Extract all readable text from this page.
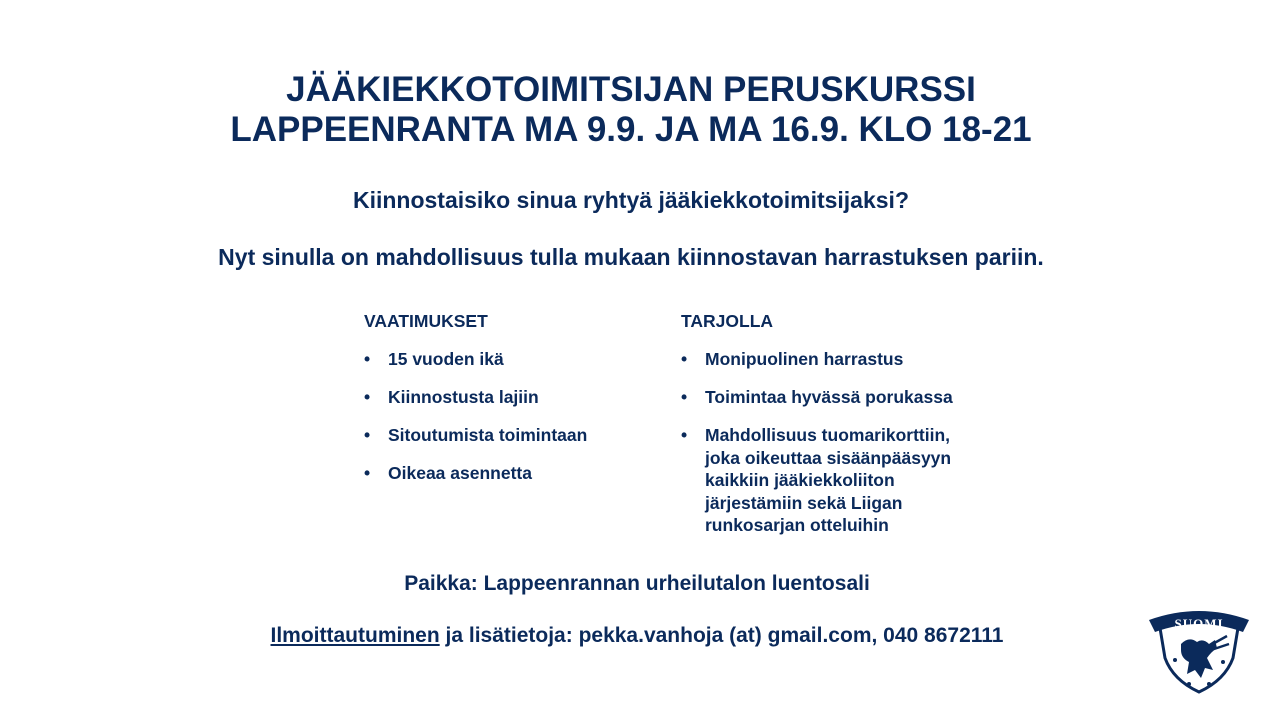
JÄÄKIEKKOTOIMITSIJAN PERUSKURSSI
LAPPEENRANTA MA 9.9. JA MA 16.9. KLO 18-21
Kiinnostaisiko sinua ryhtyä jääkiekkotoimitsijaksi?
Nyt sinulla on mahdollisuus tulla mukaan kiinnostavan harrastuksen pariin.
VAATIMUKSET
•	15 vuoden ikä
•	Kiinnostusta lajiin
•	Sitoutumista toimintaan
•	Oikeaa asennetta
TARJOLLA
•	Monipuolinen harrastus
•	Toimintaa hyvässä porukassa
•	Mahdollisuus tuomarikorttiin, joka oikeuttaa sisäänpääsyyn kaikkiin jääkiekkoliiton järjestämiin sekä Liigan runkosarjan otteluihin
Paikka: Lappeenrannan urheilutalon luentosali
Ilmoittautuminen ja lisätietoja: pekka.vanhoja (at) gmail.com, 040 8672111
SUOMI
